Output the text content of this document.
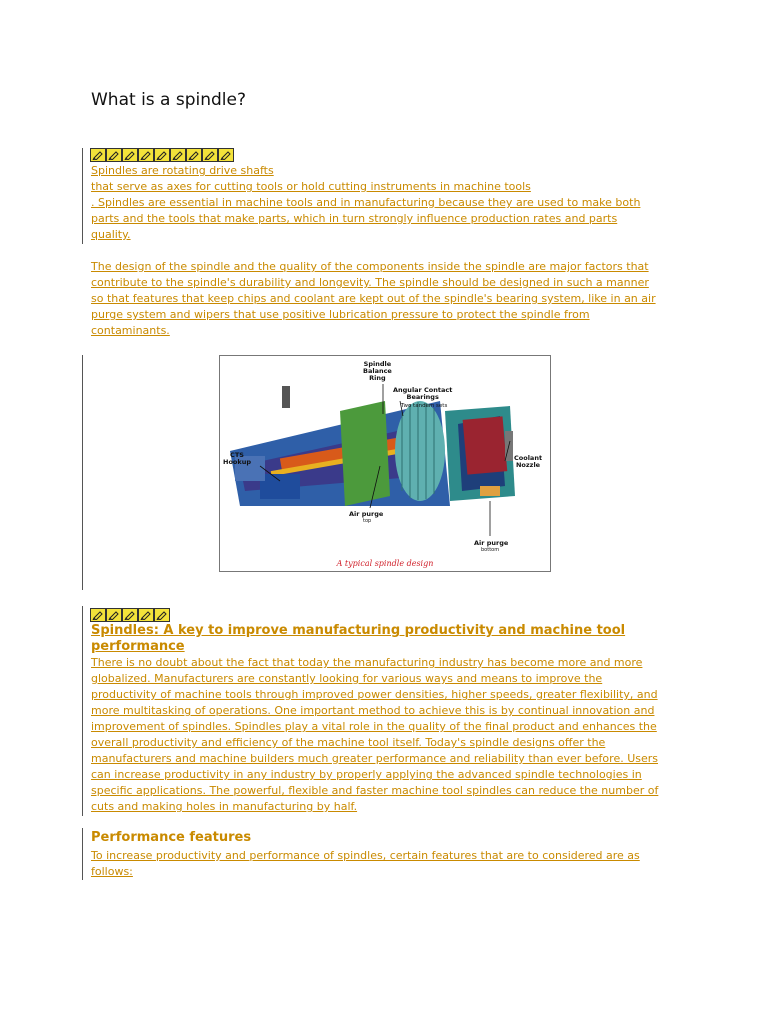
What is a spindle?
Spindles are rotating drive shafts
that serve as axes for cutting tools or hold cutting instruments in machine tools
. Spindles are essential in machine tools and in manufacturing because they are used to make both
parts and the tools that make parts, which in turn strongly influence production rates and parts
quality.
The design of the spindle and the quality of the components inside the spindle are major factors that
contribute to the spindle's durability and longevity. The spindle should be designed in such a manner
so that features that keep chips and coolant are kept out of the spindle's bearing system, like in an air
purge system and wipers that use positive lubrication pressure to protect the spindle from
contaminants.
Spindle
Balance
Ring
Angular Contact
Bearings
Two tandem sets
CTS
Hookup	Coolant
Nozzle
Air purge
top
Air purge
bottom
A typical spindle design
Spindles: A key to improve manufacturing productivity and machine tool
performance
There is no doubt about the fact that today the manufacturing industry has become more and more
globalized. Manufacturers are constantly looking for various ways and means to improve the
productivity of machine tools through improved power densities, higher speeds, greater flexibility, and
more multitasking of operations. One important method to achieve this is by continual innovation and
improvement of spindles. Spindles play a vital role in the quality of the final product and enhances the
overall productivity and efficiency of the machine tool itself. Today's spindle designs offer the
manufacturers and machine builders much greater performance and reliability than ever before. Users
can increase productivity in any industry by properly applying the advanced spindle technologies in
specific applications. The powerful, flexible and faster machine tool spindles can reduce the number of
cuts and making holes in manufacturing by half.
Performance features
To increase productivity and performance of spindles, certain features that are to considered are as
follows:
